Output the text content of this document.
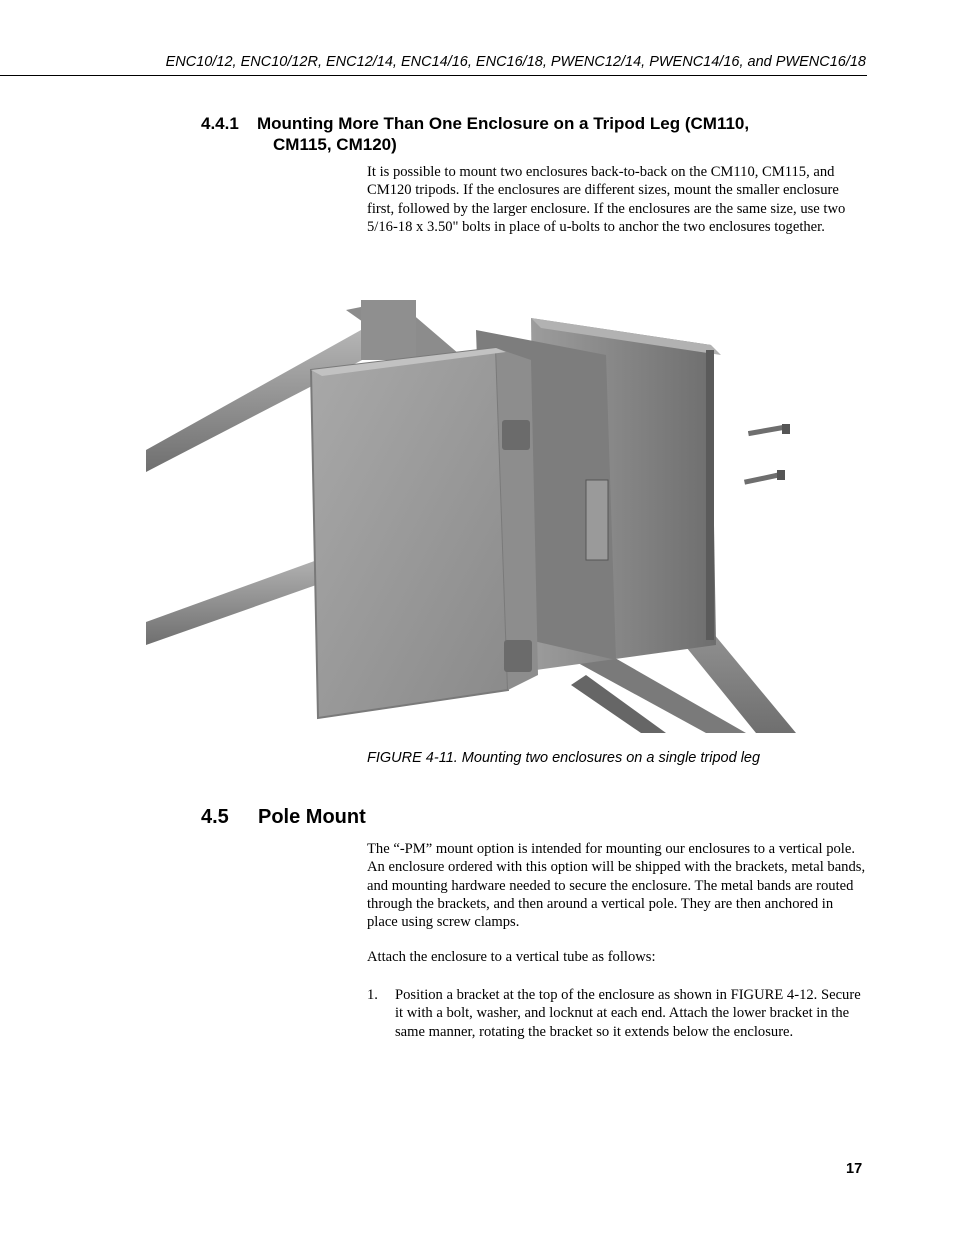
ENC10/12, ENC10/12R, ENC12/14, ENC14/16, ENC16/18, PWENC12/14, PWENC14/16, and PWENC16/18
4.4.1 Mounting More Than One Enclosure on a Tripod Leg (CM110,
CM115, CM120)
It is possible to mount two enclosures back-to-back on the CM110, CM115, and CM120 tripods. If the enclosures are different sizes, mount the smaller enclosure first, followed by the larger enclosure. If the enclosures are the same size, use two 5/16-18 x 3.50" bolts in place of u-bolts to anchor the two enclosures together.
FIGURE 4-11. Mounting two enclosures on a single tripod leg
4.5 Pole Mount
The “-PM” mount option is intended for mounting our enclosures to a vertical pole. An enclosure ordered with this option will be shipped with the brackets, metal bands, and mounting hardware needed to secure the enclosure. The metal bands are routed through the brackets, and then around a vertical pole. They are then anchored in place using screw clamps.
Attach the enclosure to a vertical tube as follows:
1. Position a bracket at the top of the enclosure as shown in FIGURE 4-12. Secure it with a bolt, washer, and locknut at each end. Attach the lower bracket in the same manner, rotating the bracket so it extends below the enclosure.
17
